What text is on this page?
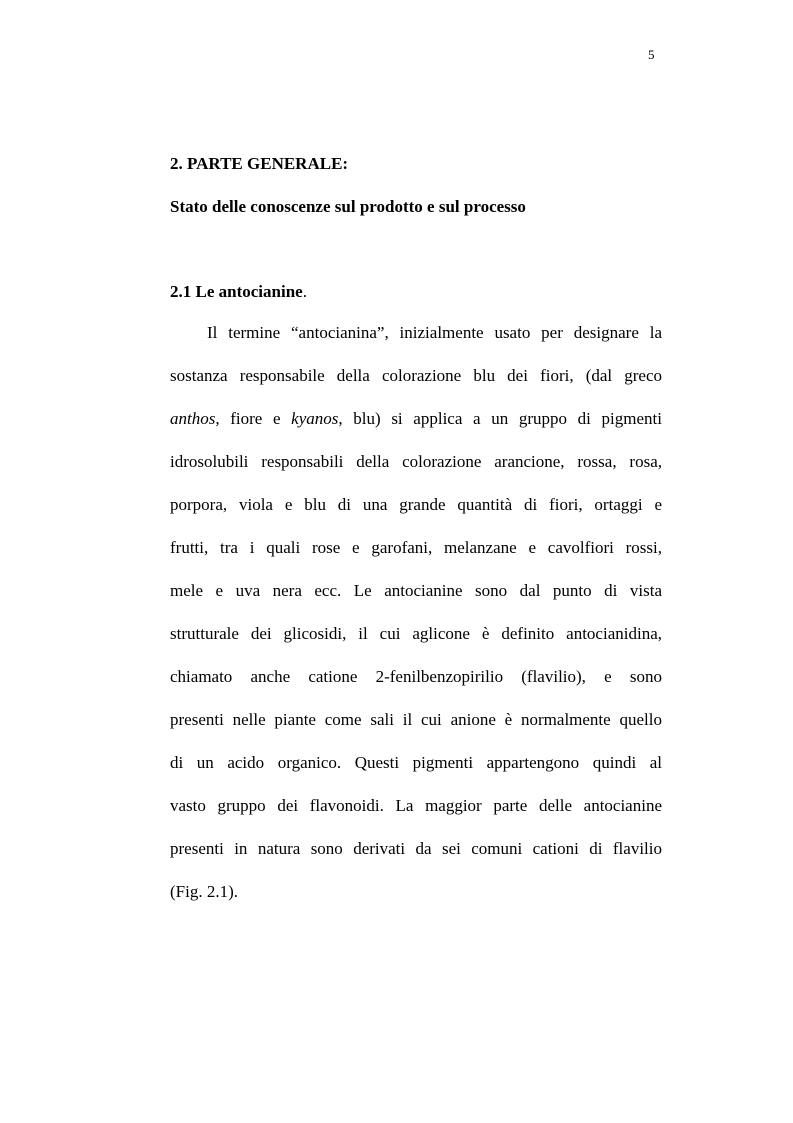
5
2. PARTE GENERALE:
Stato delle conoscenze sul prodotto e sul processo
2.1 Le antocianine.
Il termine “antocianina”, inizialmente usato per designare la
sostanza responsabile della colorazione blu dei fiori, (dal greco
anthos, fiore e kyanos, blu) si applica a un gruppo di pigmenti
idrosolubili responsabili della colorazione arancione, rossa, rosa,
porpora, viola e blu di una grande quantità di fiori, ortaggi e
frutti, tra i quali rose e garofani, melanzane e cavolfiori rossi,
mele e uva nera ecc. Le antocianine sono dal punto di vista
strutturale dei glicosidi, il cui aglicone è definito antocianidina,
chiamato anche catione 2-fenilbenzopirilio (flavilio), e sono
presenti nelle piante come sali il cui anione è normalmente quello
di un acido organico. Questi pigmenti appartengono quindi al
vasto gruppo dei flavonoidi. La maggior parte delle antocianine
presenti in natura sono derivati da sei comuni cationi di flavilio
(Fig. 2.1).
